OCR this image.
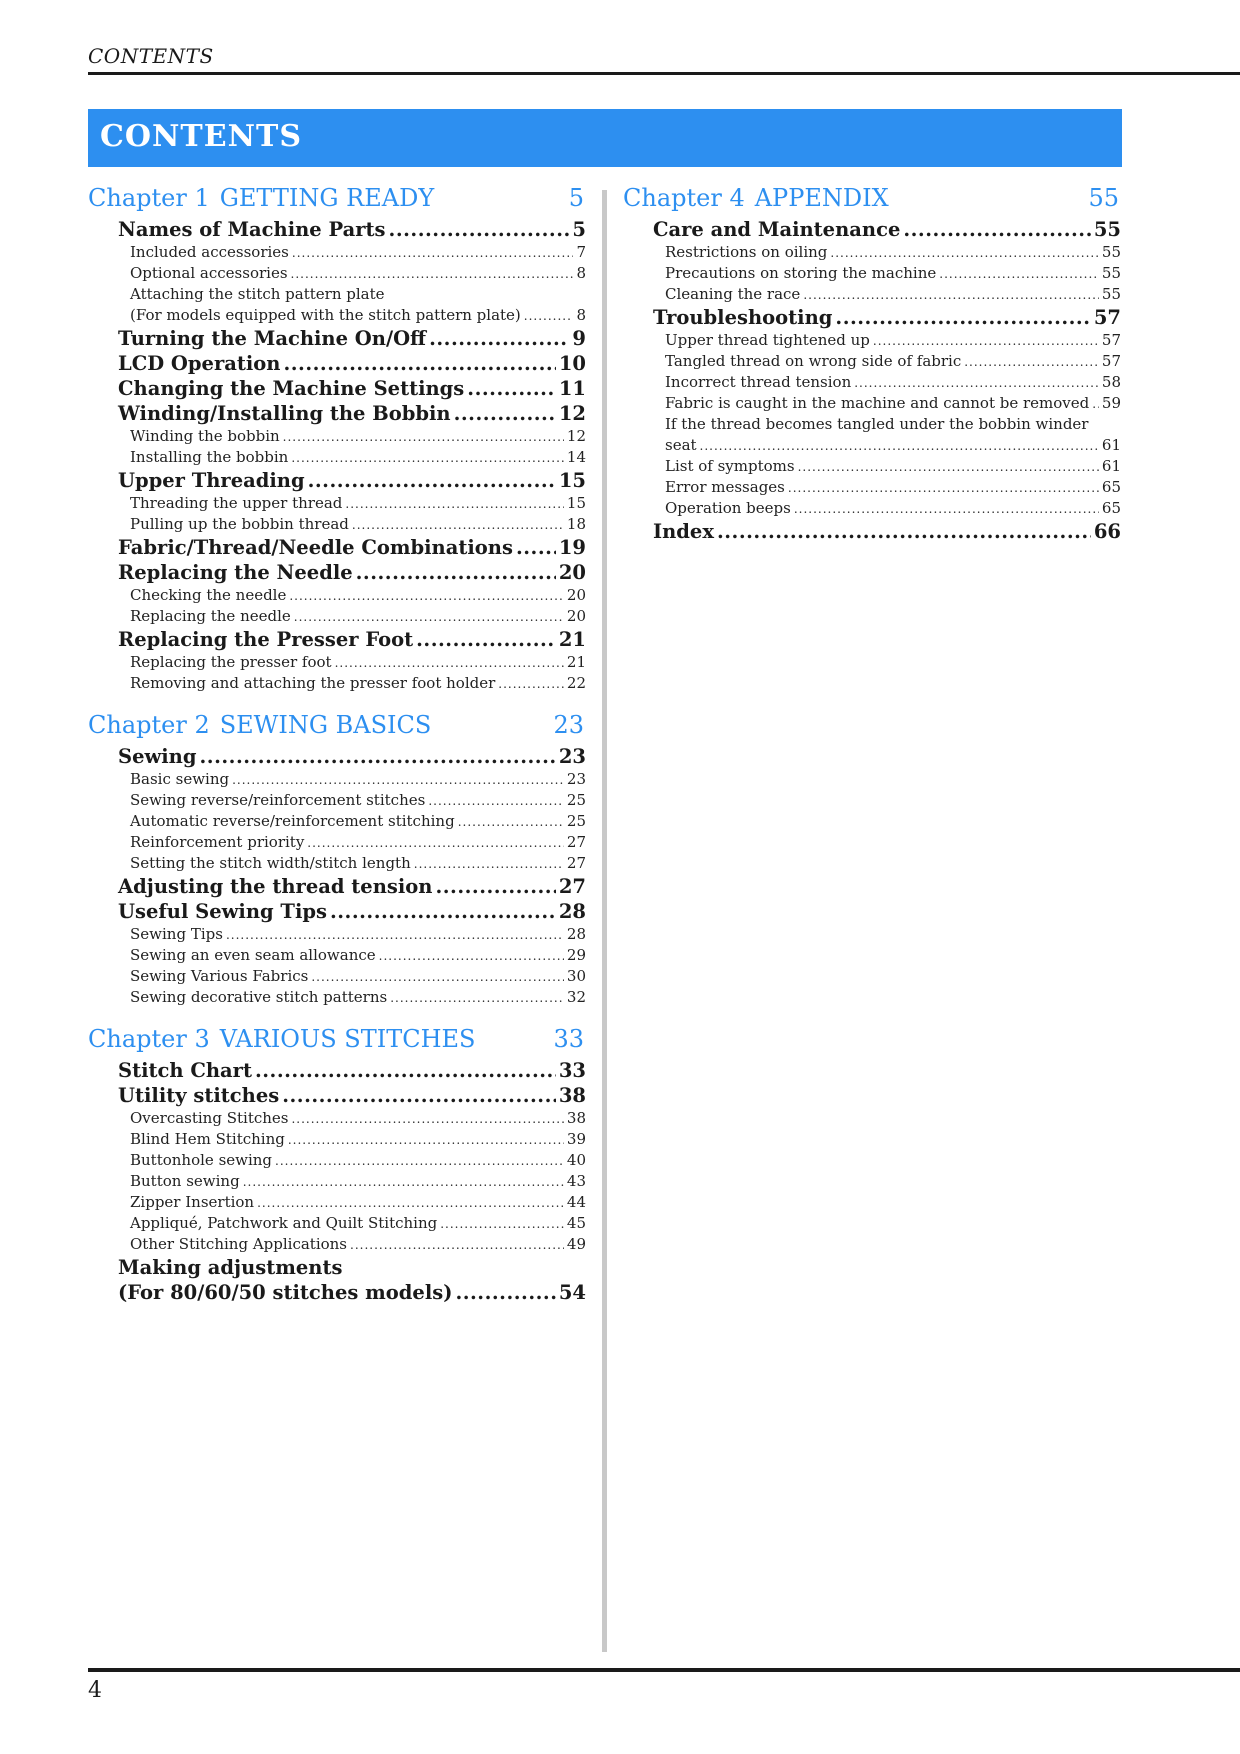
CONTENTS
CONTENTS
Chapter 1 GETTING READY	5
Names of Machine Parts .....	5
Included accessories .....	7
Optional accessories .....	8
Attaching the stitch pattern plate
(For models equipped with the stitch pattern plate) .....	8
Turning the Machine On/Off .....	9
LCD Operation .....	10
Changing the Machine Settings .....	11
Winding/Installing the Bobbin .....	12
Winding the bobbin .....	12
Installing the bobbin .....	14
Upper Threading .....	15
Threading the upper thread .....	15
Pulling up the bobbin thread .....	18
Fabric/Thread/Needle Combinations ..... 19
Replacing the Needle .....	20
Checking the needle .....	20
Replacing the needle .....	20
Replacing the Presser Foot .....	21
Replacing the presser foot .....	21
Removing and attaching the presser foot holder .....	22
Chapter 2 SEWING BASICS	23
Sewing .....	23
Basic sewing .....	23
Sewing reverse/reinforcement stitches .....	25
Automatic reverse/reinforcement stitching .....	25
Reinforcement priority .....	27
Setting the stitch width/stitch length .....	27
Adjusting the thread tension .....	27
Useful Sewing Tips .....	28
Sewing Tips .....	28
Sewing an even seam allowance .....	29
Sewing Various Fabrics .....	30
Sewing decorative stitch patterns .....	32
Chapter 3 VARIOUS STITCHES	33
Stitch Chart .....	33
Utility stitches .....	38
Overcasting Stitches .....	38
Blind Hem Stitching .....	39
Buttonhole sewing .....	40
Button sewing .....	43
Zipper Insertion .....	44
Appliqué, Patchwork and Quilt Stitching .....	45
Other Stitching Applications .....	49
Making adjustments
(For 80/60/50 stitches models) .....	54
Chapter 4 APPENDIX	55
Care and Maintenance .....	55
Restrictions on oiling .....	55
Precautions on storing the machine .....	55
Cleaning the race .....	55
Troubleshooting .....	57
Upper thread tightened up .....	57
Tangled thread on wrong side of fabric .....	57
Incorrect thread tension .....	58
Fabric is caught in the machine and cannot be removed ..... 59
If the thread becomes tangled under the bobbin winder
seat .....	61
List of symptoms .....	61
Error messages .....	65
Operation beeps .....	65
Index .....	66
4
